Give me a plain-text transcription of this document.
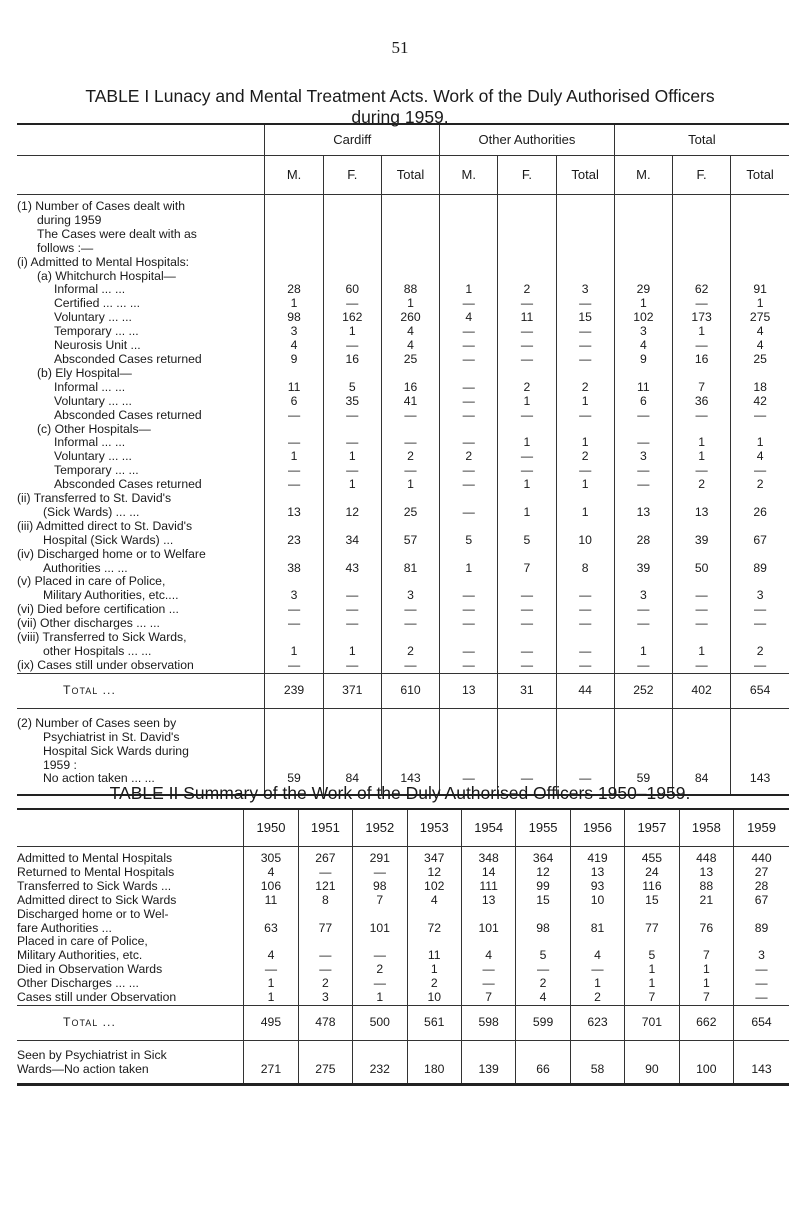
51
TABLE I Lunacy and Mental Treatment Acts. Work of the Duly Authorised Officers
during 1959.
	Cardiff			Other Authorities			Total		
	M.	F.	Total	M.	F.	Total	M.	F.	Total

(1) Number of Cases dealt with									
during 1959									
The Cases were dealt with as									
follows :—									
(i) Admitted to Mental Hospitals:									
(a) Whitchurch Hospital—									

Informal ... ...	28	60	88	1	2	3	29	62	91

Certified ... ... ...	1	—	1	—	—	—	1	—	1

Voluntary ... ...	98	162	260	4	11	15	102	173	275

Temporary ... ...	3	1	4	—	—	—	3	1	4

Neurosis Unit ...	4	—	4	—	—	—	4	—	4

Absconded Cases returned	9	16	25	—	—	—	9	16	25
(b) Ely Hospital—									

Informal ... ...	11	5	16	—	2	2	11	7	18

Voluntary ... ...	6	35	41	—	1	1	6	36	42

Absconded Cases returned	—	—	—	—	—	—	—	—	—
(c) Other Hospitals—									

Informal ... ...	—	—	—	—	1	1	—	1	1

Voluntary ... ...	1	1	2	2	—	2	3	1	4

Temporary ... ...	—	—	—	—	—	—	—	—	—

Absconded Cases returned	—	1	1	—	1	1	—	2	2

(ii) Transferred to St. David's
(Sick Wards) ... ...	13	12	25	—	1	1	13	13	26

(iii) Admitted direct to St. David's
Hospital (Sick Wards) ...	23	34	57	5	5	10	28	39	67

(iv) Discharged home or to Welfare
Authorities ... ...	38	43	81	1	7	8	39	50	89

(v) Placed in care of Police,
Military Authorities, etc....	3	—	3	—	—	—	3	—	3

(vi) Died before certification ...	—	—	—	—	—	—	—	—	—

(vii) Other discharges ... ...	—	—	—	—	—	—	—	—	—

(viii) Transferred to Sick Wards,
other Hospitals ... ...	1	1	2	—	—	—	1	1	2

(ix) Cases still under observation	—	—	—	—	—	—	—	—	—
Total ...	239	371	610	13	31	44	252	402	654

(2) Number of Cases seen by									
Psychiatrist in St. David's									
Hospital Sick Wards during									
1959 :									
No action taken ... ...	59	84	143	—	—	—	59	84	143
TABLE II Summary of the Work of the Duly Authorised Officers 1950–1959.
	1950	1951	1952	1953	1954	1955	1956	1957	1958	1959

Admitted to Mental Hospitals	305	267	291	347	348	364	419	455	448	440

Returned to Mental Hospitals	4	—	—	12	14	12	13	24	13	27

Transferred to Sick Wards ...	106	121	98	102	111	99	93	116	88	28

Admitted direct to Sick Wards	11	8	7	4	13	15	10	15	21	67

Discharged home or to Wel-
fare Authorities ...	63	77	101	72	101	98	81	77	76	89

Placed in care of Police,
Military Authorities, etc.	4	—	—	11	4	5	4	5	7	3

Died in Observation Wards	—	—	2	1	—	—	—	1	1	—

Other Discharges ... ...	1	2	—	2	—	2	1	1	1	—

Cases still under Observation	1	3	1	10	7	4	2	7	7	—
Total ...	495	478	500	561	598	599	623	701	662	654

Seen by Psychiatrist in Sick
Wards—No action taken	271	275	232	180	139	66	58	90	100	143
